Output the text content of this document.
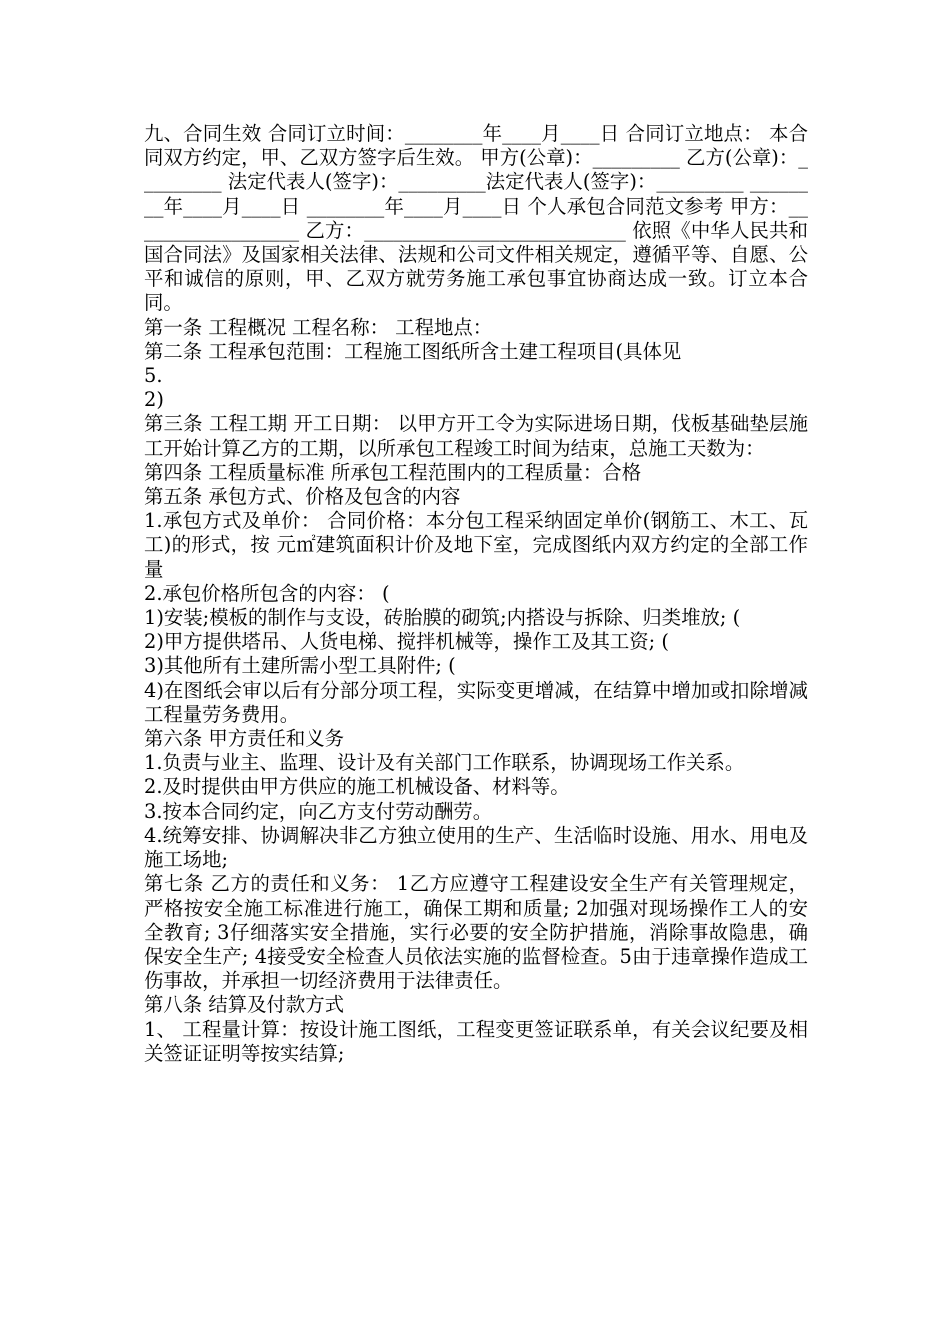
九、合同生效 合同订立时间：________年____月____日 合同订立地点： 本合同双方约定，甲、乙双方签字后生效。 甲方(公章)：_________ 乙方(公章)：_________ 法定代表人(签字)：_________法定代表人(签字)：_________ ________年____月____日 ________年____月____日 个人承包合同范文参考 甲方：__________________ 乙方：___________________________ 依照《中华人民共和国合同法》及国家相关法律、法规和公司文件相关规定，遵循平等、自愿、公平和诚信的原则，甲、乙双方就劳务施工承包事宜协商达成一致。订立本合同。

第一条 工程概况 工程名称： 工程地点：

第二条 工程承包范围：工程施工图纸所含土建工程项目(具体见

5.

2)

第三条 工程工期 开工日期： 以甲方开工令为实际进场日期，伐板基础垫层施工开始计算乙方的工期，以所承包工程竣工时间为结束，总施工天数为：

第四条 工程质量标准 所承包工程范围内的工程质量：合格

第五条 承包方式、价格及包含的内容

1.承包方式及单价： 合同价格：本分包工程采纳固定单价(钢筋工、木工、瓦工)的形式，按 元㎡建筑面积计价及地下室，完成图纸内双方约定的全部工作量

2.承包价格所包含的内容： (

1)安装;模板的制作与支设，砖胎膜的砌筑;内搭设与拆除、归类堆放; (

2)甲方提供塔吊、人货电梯、搅拌机械等，操作工及其工资; (

3)其他所有土建所需小型工具附件; (

4)在图纸会审以后有分部分项工程，实际变更增减，在结算中增加或扣除增减工程量劳务费用。

第六条 甲方责任和义务

1.负责与业主、监理、设计及有关部门工作联系，协调现场工作关系。

2.及时提供由甲方供应的施工机械设备、材料等。

3.按本合同约定，向乙方支付劳动酬劳。

4.统筹安排、协调解决非乙方独立使用的生产、生活临时设施、用水、用电及施工场地;

第七条 乙方的责任和义务： 1乙方应遵守工程建设安全生产有关管理规定，严格按安全施工标准进行施工，确保工期和质量; 2加强对现场操作工人的安全教育; 3仔细落实安全措施，实行必要的安全防护措施，消除事故隐患，确保安全生产; 4接受安全检查人员依法实施的监督检查。5由于违章操作造成工伤事故，并承担一切经济费用于法律责任。

第八条 结算及付款方式

1、 工程量计算：按设计施工图纸，工程变更签证联系单，有关会议纪要及相关签证证明等按实结算;
